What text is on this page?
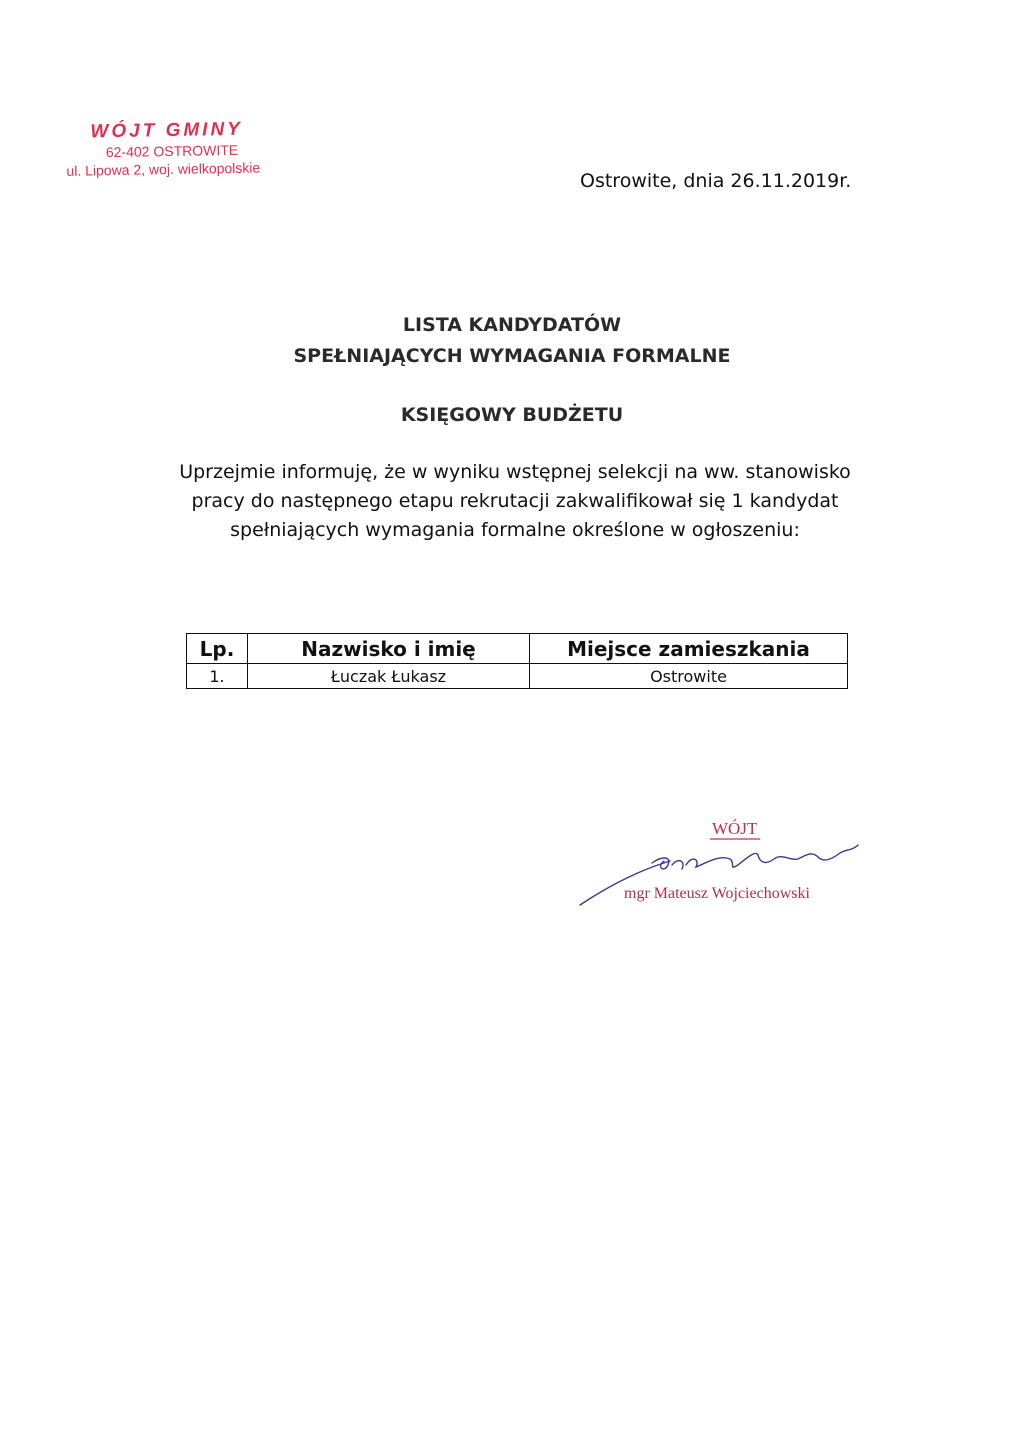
WÓJT GMINY
62-402 OSTROWITE
ul. Lipowa 2, woj. wielkopolskie
Ostrowite, dnia 26.11.2019r.
LISTA KANDYDATÓW
SPEŁNIAJĄCYCH WYMAGANIA FORMALNE
KSIĘGOWY BUDŻETU
Uprzejmie informuję, że w wyniku wstępnej selekcji na ww. stanowisko
pracy do następnego etapu rekrutacji zakwalifikował się 1 kandydat
spełniających wymagania formalne określone w ogłoszeniu:
Lp.	Nazwisko i imię	Miejsce zamieszkania
1.	Łuczak Łukasz	Ostrowite
WÓJT
mgr Mateusz Wojciechowski
